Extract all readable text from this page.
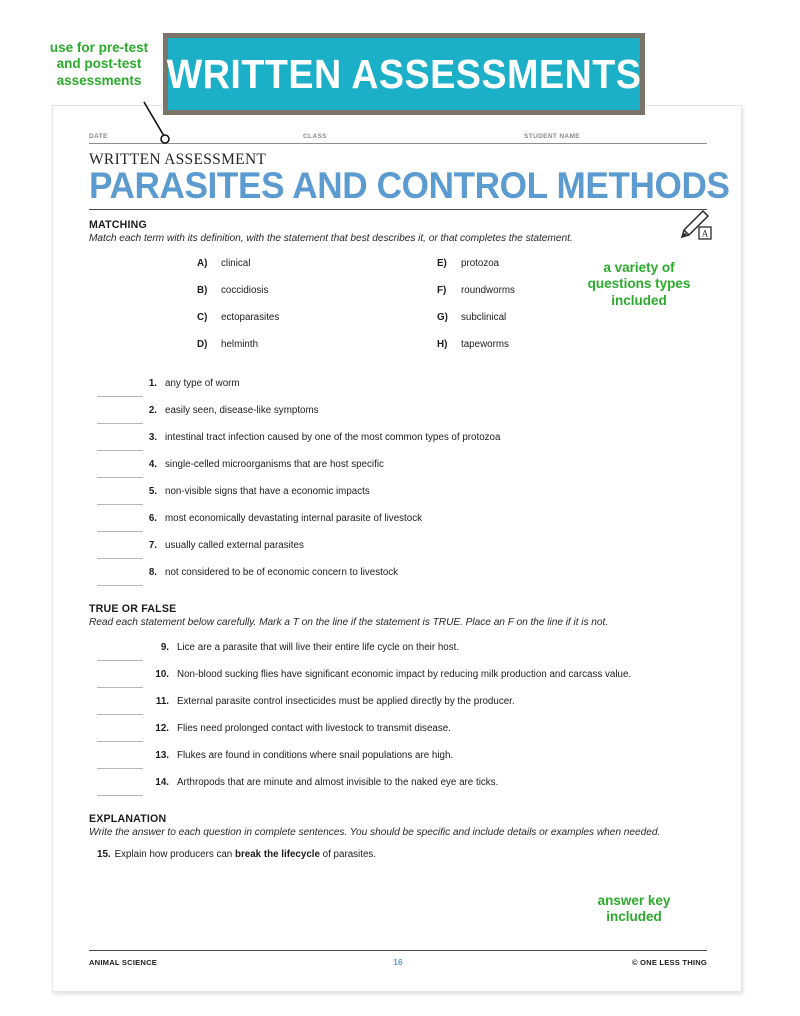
use for pre-test and post-test assessments WRITTEN ASSESSMENTS
a variety of questions types included
answer key included
DATE	CLASS	STUDENT NAME
WRITTEN ASSESSMENT
PARASITES AND CONTROL METHODS
MATCHING
Match each term with its definition, with the statement that best describes it, or that completes the statement.
A)	clinical
B)	coccidiosis
C)	ectoparasites
D)	helminth
E)	protozoa
F)	roundworms
G)	subclinical
H)	tapeworms
1. any type of worm
2. easily seen, disease-like symptoms
3. intestinal tract infection caused by one of the most common types of protozoa
4. single-celled microorganisms that are host specific
5. non-visible signs that have a economic impacts
6. most economically devastating internal parasite of livestock
7. usually called external parasites
8. not considered to be of economic concern to livestock
TRUE OR FALSE
Read each statement below carefully. Mark a T on the line if the statement is TRUE. Place an F on the line if it is not.
9. Lice are a parasite that will live their entire life cycle on their host.
10. Non-blood sucking flies have significant economic impact by reducing milk production and carcass value.
11. External parasite control insecticides must be applied directly by the producer.
12. Flies need prolonged contact with livestock to transmit disease.
13. Flukes are found in conditions where snail populations are high.
14. Arthropods that are minute and almost invisible to the naked eye are ticks.
EXPLANATION
Write the answer to each question in complete sentences. You should be specific and include details or examples when needed.
15. Explain how producers can break the lifecycle of parasites.
A
ANIMAL SCIENCE	16	© ONE LESS THING
